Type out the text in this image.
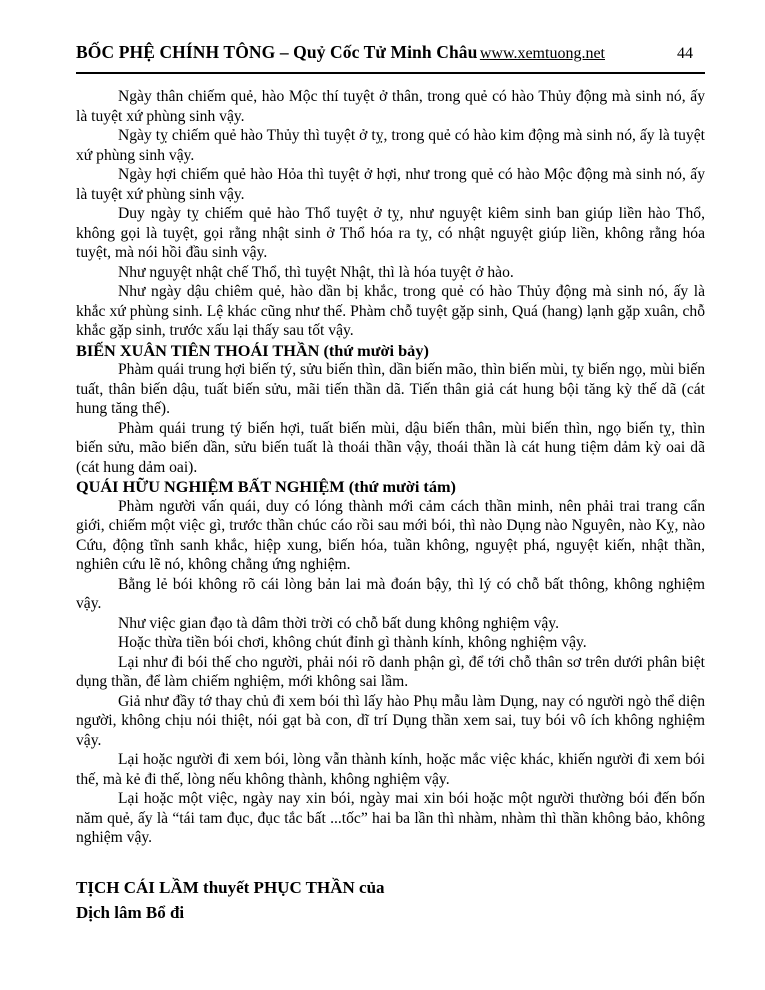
BỐC PHỆ CHÍNH TÔNG – Quỷ Cốc Tử Minh Châu www.xemtuong.net	44

Ngày thân chiếm quẻ, hào Mộc thí tuyệt ở thân, trong quẻ có hào Thủy động mà sinh nó, ấy là tuyệt xứ phùng sinh vậy.

Ngày tỵ chiếm quẻ hào Thủy thì tuyệt ở tỵ, trong quẻ có hào kim động mà sinh nó, ấy là tuyệt xứ phùng sinh vậy.

Ngày hợi chiếm quẻ hào Hỏa thì tuyệt ở hợi, như trong quẻ có hào Mộc động mà sinh nó, ấy là tuyệt xứ phùng sinh vậy.

Duy ngày tỵ chiếm quẻ hào Thổ tuyệt ở tỵ, như nguyệt kiêm sinh ban giúp liền hào Thổ, không gọi là tuyệt, gọi rằng nhật sinh ở Thổ hóa ra tỵ, có nhật nguyệt giúp liền, không rằng hóa tuyệt, mà nói hồi đầu sinh vậy.

Như nguyệt nhật chế Thổ, thì tuyệt Nhật, thì là hóa tuyệt ở hào.

Như ngày dậu chiêm quẻ, hào dần bị khắc, trong quẻ có hào Thủy động mà sinh nó, ấy là khắc xứ phùng sinh. Lệ khác cũng như thế. Phàm chỗ tuyệt gặp sinh, Quá (hang) lạnh gặp xuân, chỗ khắc gặp sinh, trước xấu lại thấy sau tốt vậy.

BIẾN XUÂN TIÊN THOÁI THẦN (thứ mười bảy)

Phàm quái trung hợi biến tý, sửu biến thìn, dần biến mão, thìn biến mùi, tỵ biến ngọ, mùi biến tuất, thân biến dậu, tuất biến sửu, mãi tiến thần dã. Tiến thân giả cát hung bội tăng kỳ thế dã (cát hung tăng thế).

Phàm quái trung tý biến hợi, tuất biến mùi, dậu biến thân, mùi biến thìn, ngọ biến tỵ, thìn biến sửu, mão biến dần, sửu biến tuất là thoái thần vậy, thoái thần là cát hung tiệm dảm kỳ oai dã (cát hung dảm oai).

QUÁI HỮU NGHIỆM BẤT NGHIỆM (thứ mười tám)

Phàm người vấn quái, duy có lóng thành mới cảm cách thần minh, nên phải trai trang cẩn giới, chiếm một việc gì, trước thần chúc cáo rồi sau mới bói, thì nào Dụng nào Nguyên, nào Kỵ, nào Cứu, động tĩnh sanh khắc, hiệp xung, biến hóa, tuần không, nguyệt phá, nguyệt kiến, nhật thần, nghiên cứu lẽ nó, không chẳng ứng nghiệm.

Bằng lẻ bói không rõ cái lòng bản lai mà đoán bậy, thì lý có chỗ bất thông, không nghiệm vậy.

Như việc gian đạo tà dâm thời trời có chỗ bất dung không nghiệm vậy.

Hoặc thừa tiền bói chơi, không chút đỉnh gì thành kính, không nghiệm vậy.

Lại như đi bói thế cho người, phải nói rõ danh phận gì, để tới chỗ thân sơ trên dưới phân biệt dụng thần, để làm chiếm nghiệm, mới không sai lầm.

Giả như đầy tớ thay chủ đi xem bói thì lấy hào Phụ mẫu làm Dụng, nay có người ngò thể diện người, không chịu nói thiệt, nói gạt bà con, dĩ trí Dụng thần xem sai, tuy bói vô ích không nghiệm vậy.

Lại hoặc người đi xem bói, lòng vẫn thành kính, hoặc mắc việc khác, khiến người đi xem bói thế, mà kẻ đi thế, lòng nếu không thành, không nghiệm vậy.

Lại hoặc một việc, ngày nay xin bói, ngày mai xin bói hoặc một người thường bói đến bốn năm quẻ, ấy là “tái tam đục, đục tắc bất ...tốc” hai ba lần thì nhàm, nhàm thì thần không bảo, không nghiệm vậy.

TỊCH CÁI LẦM thuyết PHỤC THẦN của
Dịch lâm Bổ đi
